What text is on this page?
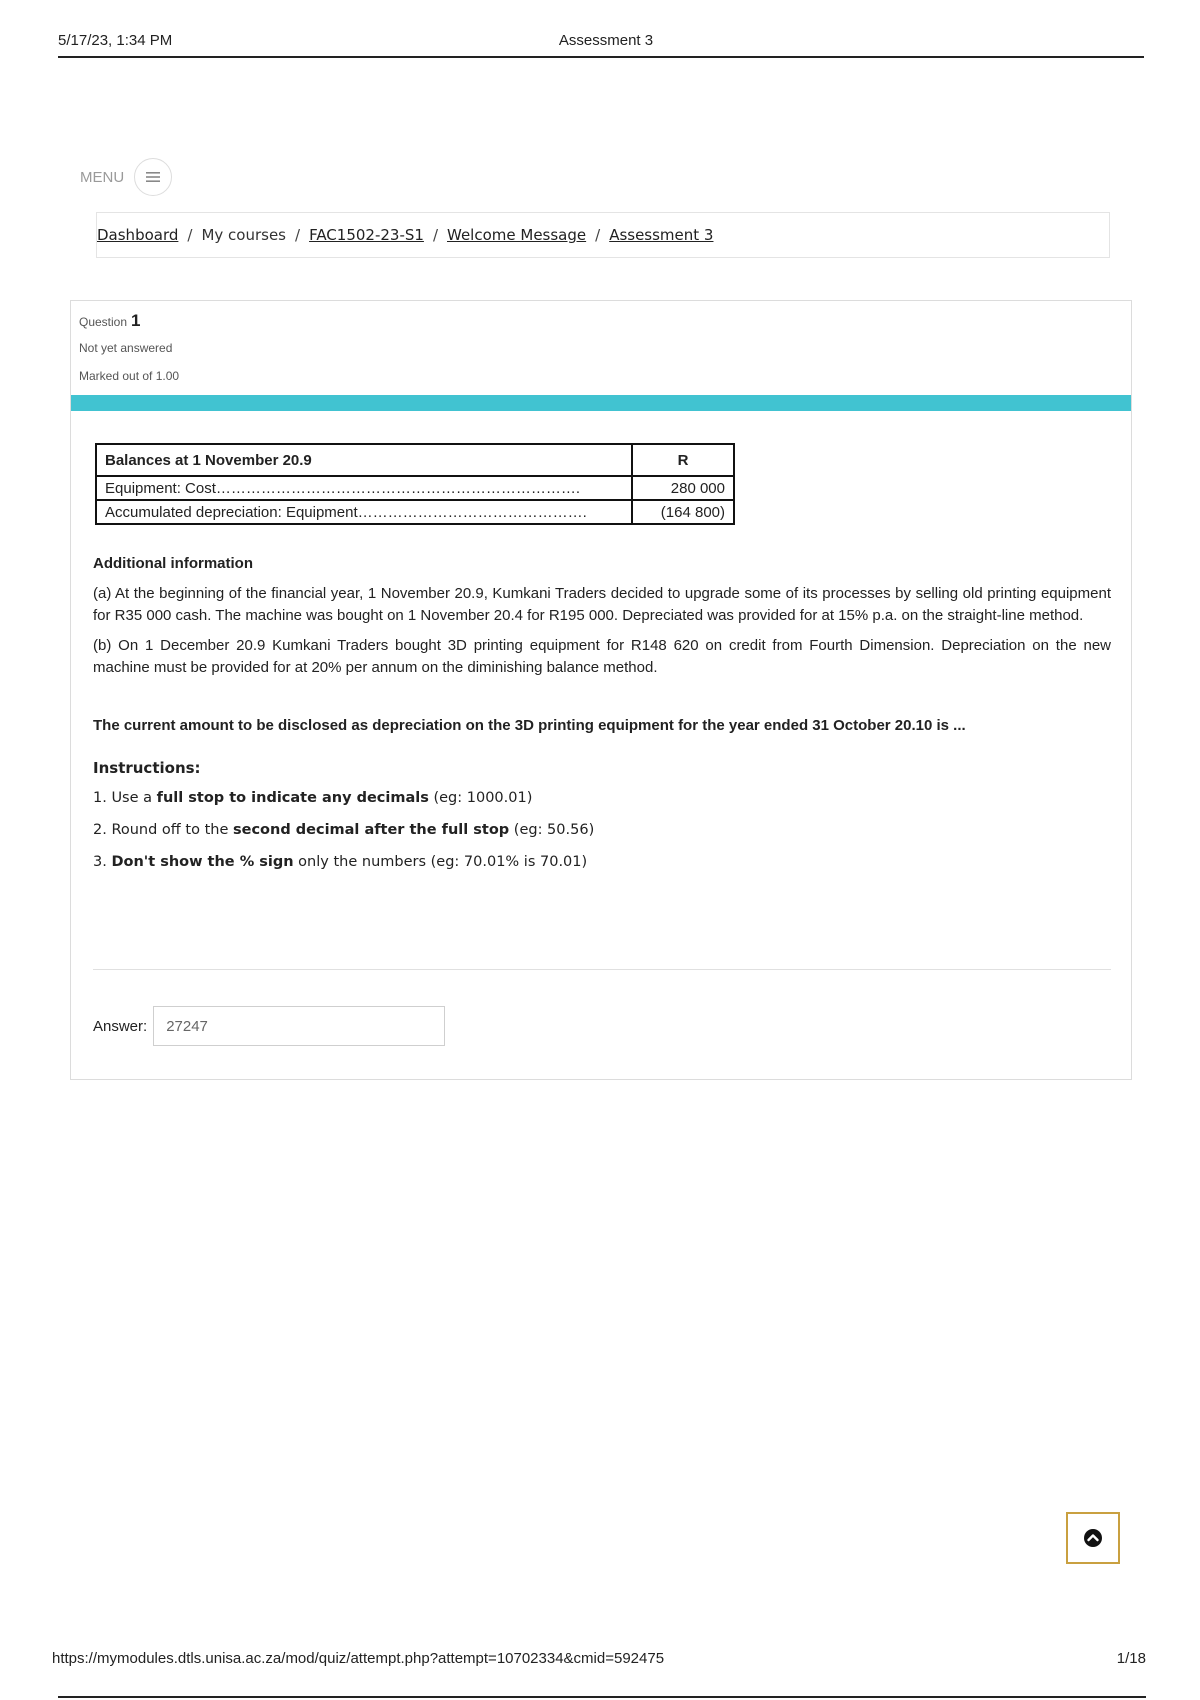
5/17/23, 1:34 PM	Assessment 3
MENU
Dashboard / My courses / FAC1502-23-S1 / Welcome Message / Assessment 3
Question 1
Not yet answered
Marked out of 1.00
Balances at 1 November 20.9	R
Equipment: Cost……………………………………………………………….	280 000
Accumulated depreciation: Equipment……………………………………….	(164 800)

Additional information

(a) At the beginning of the financial year, 1 November 20.9, Kumkani Traders decided to upgrade some of its processes by selling old printing equipment for R35 000 cash. The machine was bought on 1 November 20.4 for R195 000. Depreciated was provided for at 15% p.a. on the straight-line method.

(b) On 1 December 20.9 Kumkani Traders bought 3D printing equipment for R148 620 on credit from Fourth Dimension. Depreciation on the new machine must be provided for at 20% per annum on the diminishing balance method.

The current amount to be disclosed as depreciation on the 3D printing equipment for the year ended 31 October 20.10 is ...

Instructions:

1. Use a full stop to indicate any decimals (eg: 1000.01)

2. Round off to the second decimal after the full stop (eg: 50.56)

3. Don't show the % sign only the numbers (eg: 70.01% is 70.01)

Answer:
27247
https://mymodules.dtls.unisa.ac.za/mod/quiz/attempt.php?attempt=10702334&cmid=592475	1/18
